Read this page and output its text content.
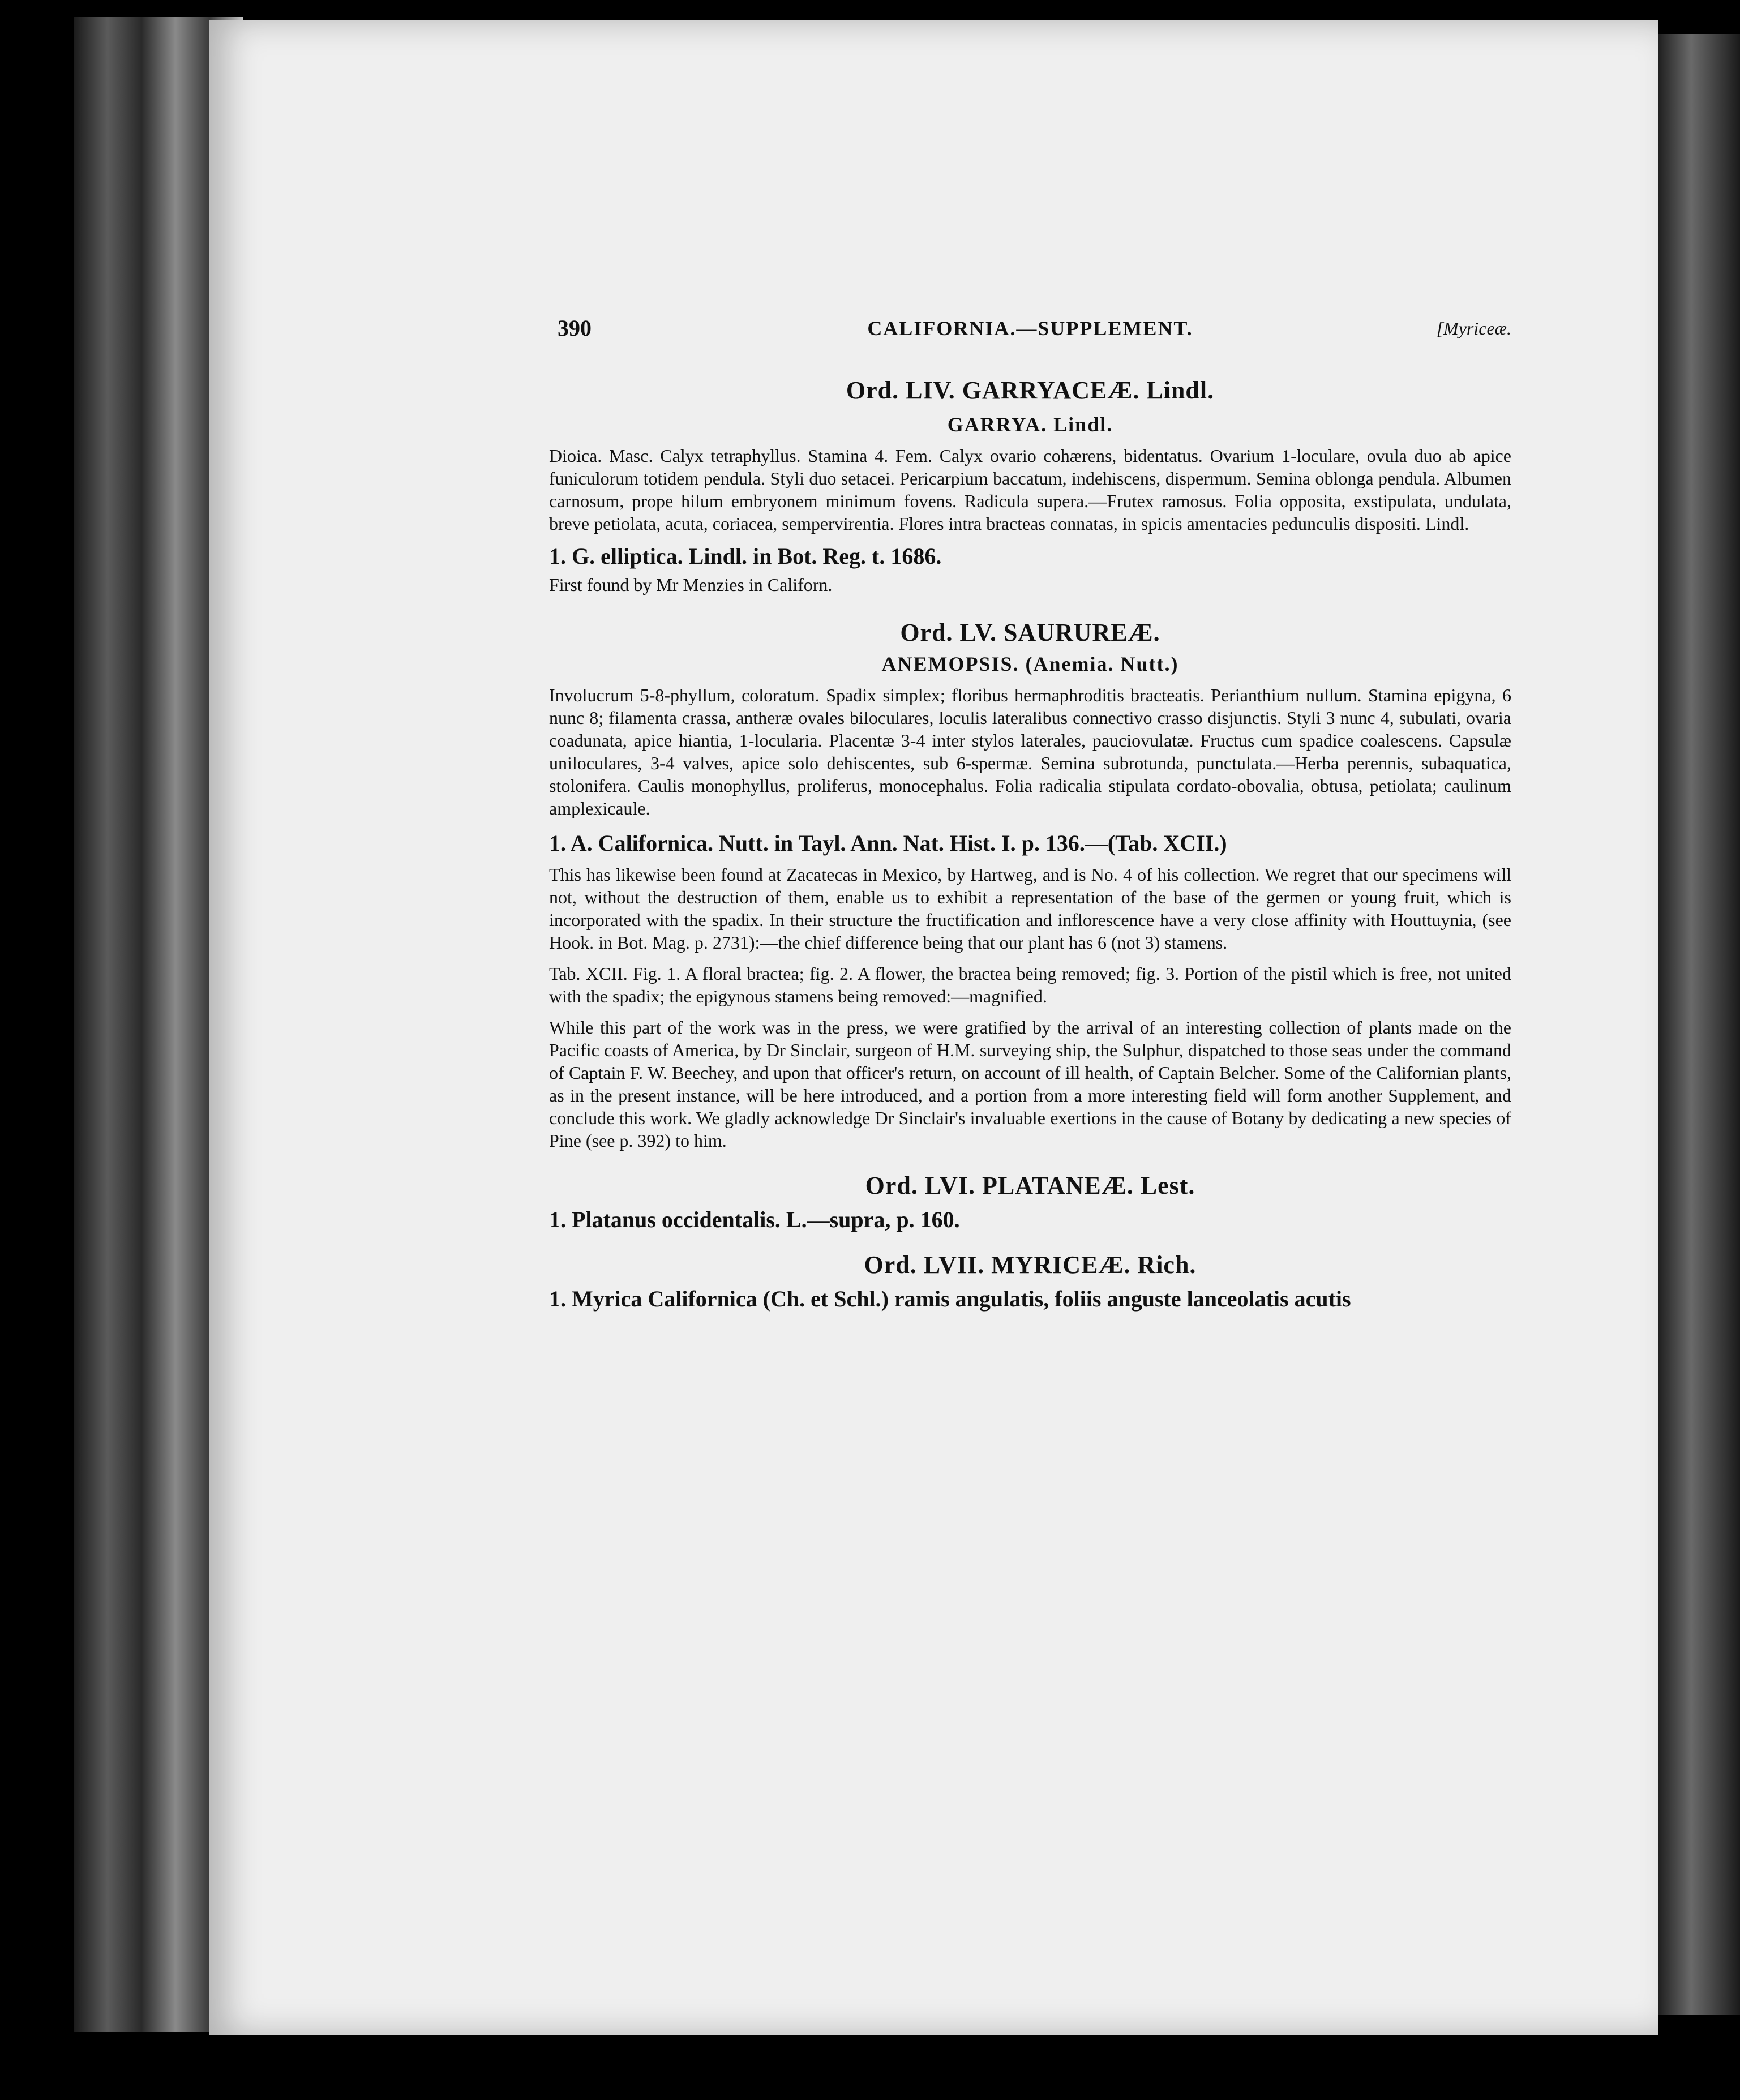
390	CALIFORNIA.—SUPPLEMENT.	[Myriceæ.
Ord. LIV. GARRYACEÆ. Lindl.
GARRYA. Lindl.

Dioica. Masc. Calyx tetraphyllus. Stamina 4. Fem. Calyx ovario cohærens, bidentatus. Ovarium 1-loculare, ovula duo ab apice funiculorum totidem pendula. Styli duo setacei. Pericarpium baccatum, indehiscens, dispermum. Semina oblonga pendula. Albumen carnosum, prope hilum embryonem minimum fovens. Radicula supera.—Frutex ramosus. Folia opposita, exstipulata, undulata, breve petiolata, acuta, coriacea, sempervirentia. Flores intra bracteas connatas, in spicis amentacies pedunculis dispositi. Lindl.

1. G. elliptica. Lindl. in Bot. Reg. t. 1686.

First found by Mr Menzies in Californ.

Ord. LV. SAURUREÆ.
ANEMOPSIS. (Anemia. Nutt.)

Involucrum 5-8-phyllum, coloratum. Spadix simplex; floribus hermaphroditis bracteatis. Perianthium nullum. Stamina epigyna, 6 nunc 8; filamenta crassa, antheræ ovales biloculares, loculis lateralibus connectivo crasso disjunctis. Styli 3 nunc 4, subulati, ovaria coadunata, apice hiantia, 1-locularia. Placentæ 3-4 inter stylos laterales, pauciovulatæ. Fructus cum spadice coalescens. Capsulæ uniloculares, 3-4 valves, apice solo dehiscentes, sub 6-spermæ. Semina subrotunda, punctulata.—Herba perennis, subaquatica, stolonifera. Caulis monophyllus, proliferus, monocephalus. Folia radicalia stipulata cordato-obovalia, obtusa, petiolata; caulinum amplexicaule.

1. A. Californica. Nutt. in Tayl. Ann. Nat. Hist. I. p. 136.—(Tab. XCII.)

This has likewise been found at Zacatecas in Mexico, by Hartweg, and is No. 4 of his collection. We regret that our specimens will not, without the destruction of them, enable us to exhibit a representation of the base of the germen or young fruit, which is incorporated with the spadix. In their structure the fructification and inflorescence have a very close affinity with Houttuynia, (see Hook. in Bot. Mag. p. 2731):—the chief difference being that our plant has 6 (not 3) stamens.

Tab. XCII. Fig. 1. A floral bractea; fig. 2. A flower, the bractea being removed; fig. 3. Portion of the pistil which is free, not united with the spadix; the epigynous stamens being removed:—magnified.

While this part of the work was in the press, we were gratified by the arrival of an interesting collection of plants made on the Pacific coasts of America, by Dr Sinclair, surgeon of H.M. surveying ship, the Sulphur, dispatched to those seas under the command of Captain F. W. Beechey, and upon that officer's return, on account of ill health, of Captain Belcher. Some of the Californian plants, as in the present instance, will be here introduced, and a portion from a more interesting field will form another Supplement, and conclude this work. We gladly acknowledge Dr Sinclair's invaluable exertions in the cause of Botany by dedicating a new species of Pine (see p. 392) to him.

Ord. LVI. PLATANEÆ. Lest.

1. Platanus occidentalis. L.—supra, p. 160.

Ord. LVII. MYRICEÆ. Rich.

1. Myrica Californica (Ch. et Schl.) ramis angulatis, foliis anguste lanceolatis acutis
